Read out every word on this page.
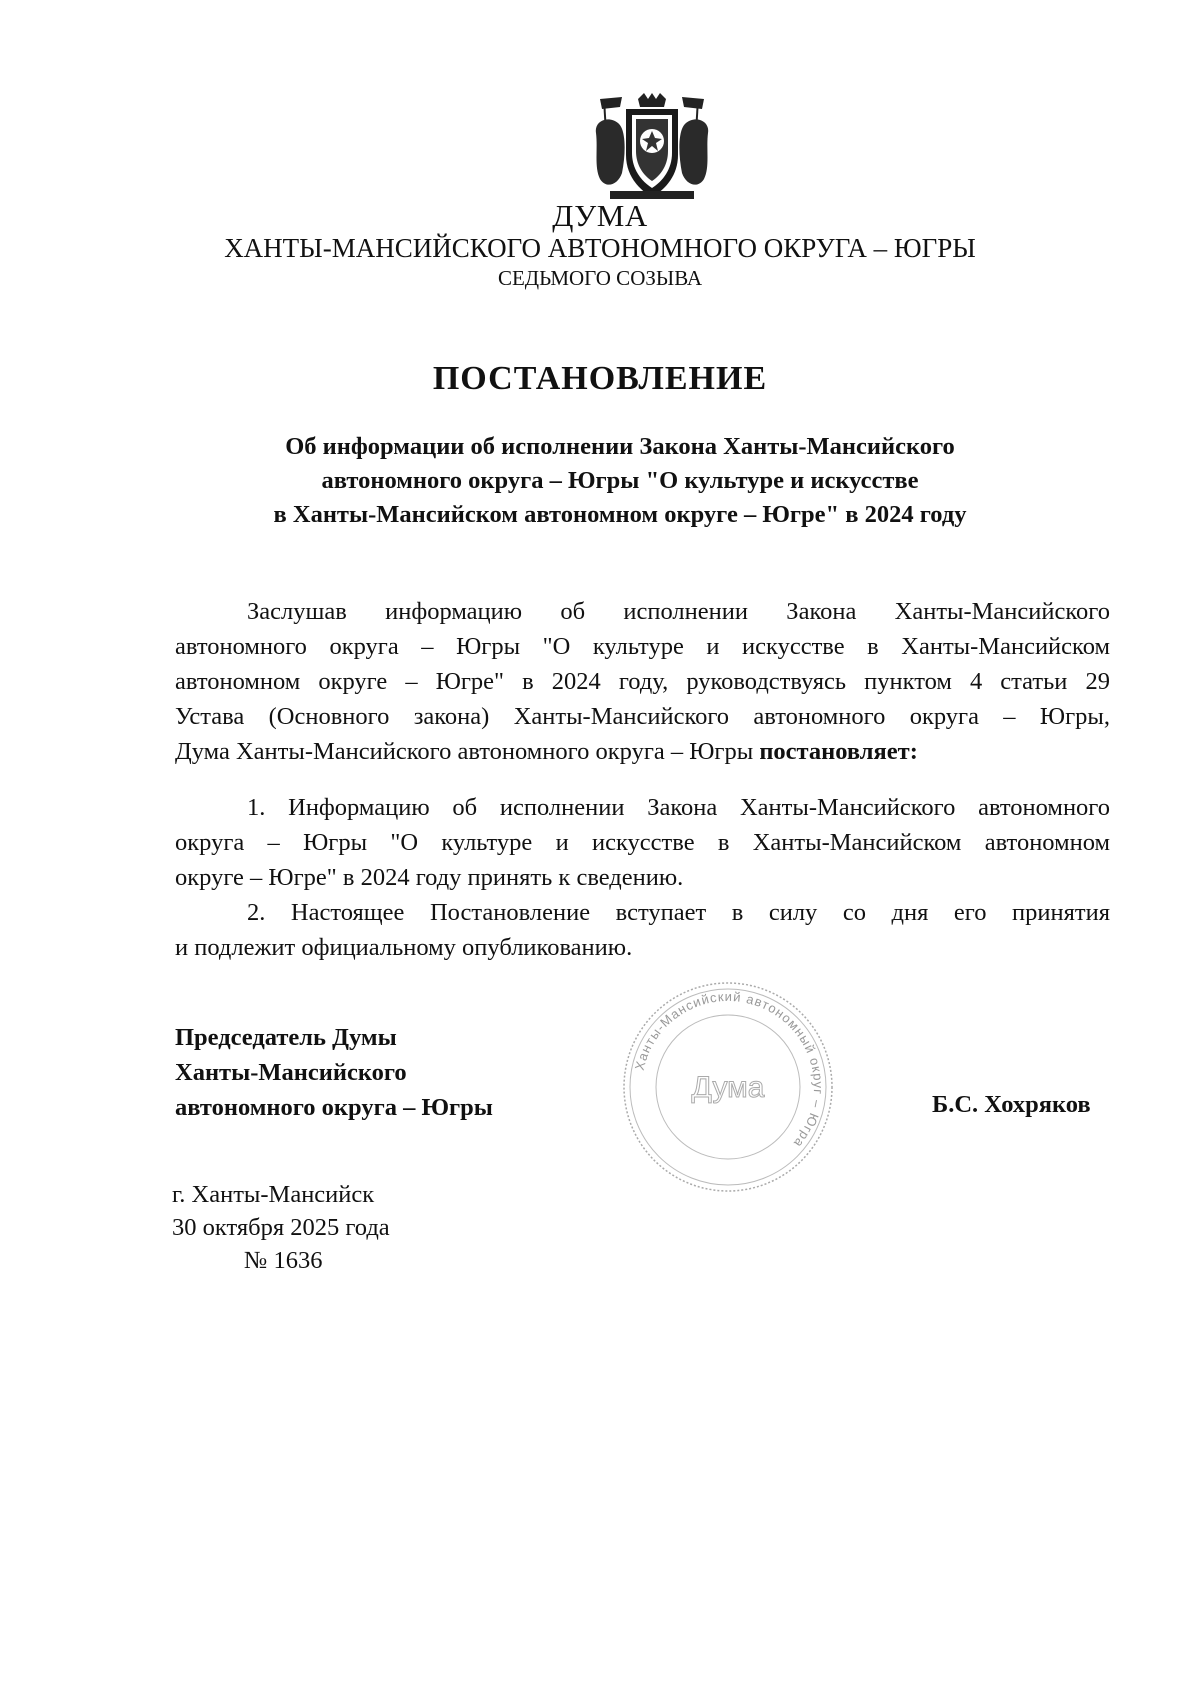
ДУМА
ХАНТЫ-МАНСИЙСКОГО АВТОНОМНОГО ОКРУГА – ЮГРЫ
СЕДЬМОГО СОЗЫВА
ПОСТАНОВЛЕНИЕ
Об информации об исполнении Закона Ханты-Мансийского
автономного округа – Югры "О культуре и искусстве
в Ханты-Мансийском автономном округе – Югре" в 2024 году
Заслушав информацию об исполнении Закона Ханты-Мансийского
автономного округа – Югры "О культуре и искусстве в Ханты-Мансийском
автономном округе – Югре" в 2024 году, руководствуясь пунктом 4 статьи 29
Устава (Основного закона) Ханты-Мансийского автономного округа – Югры,
Дума Ханты-Мансийского автономного округа – Югры постановляет:
1. Информацию об исполнении Закона Ханты-Мансийского автономного
округа – Югры "О культуре и искусстве в Ханты-Мансийском автономном
округе – Югре" в 2024 году принять к сведению.
2. Настоящее Постановление вступает в силу со дня его принятия
и подлежит официальному опубликованию.
Председатель Думы
Ханты-Мансийского
автономного округа – Югры
Ханты-Мансийский автономный округ – Югра
Дума
Б.С. Хохряков
г. Ханты-Мансийск
30 октября 2025 года
№ 1636
